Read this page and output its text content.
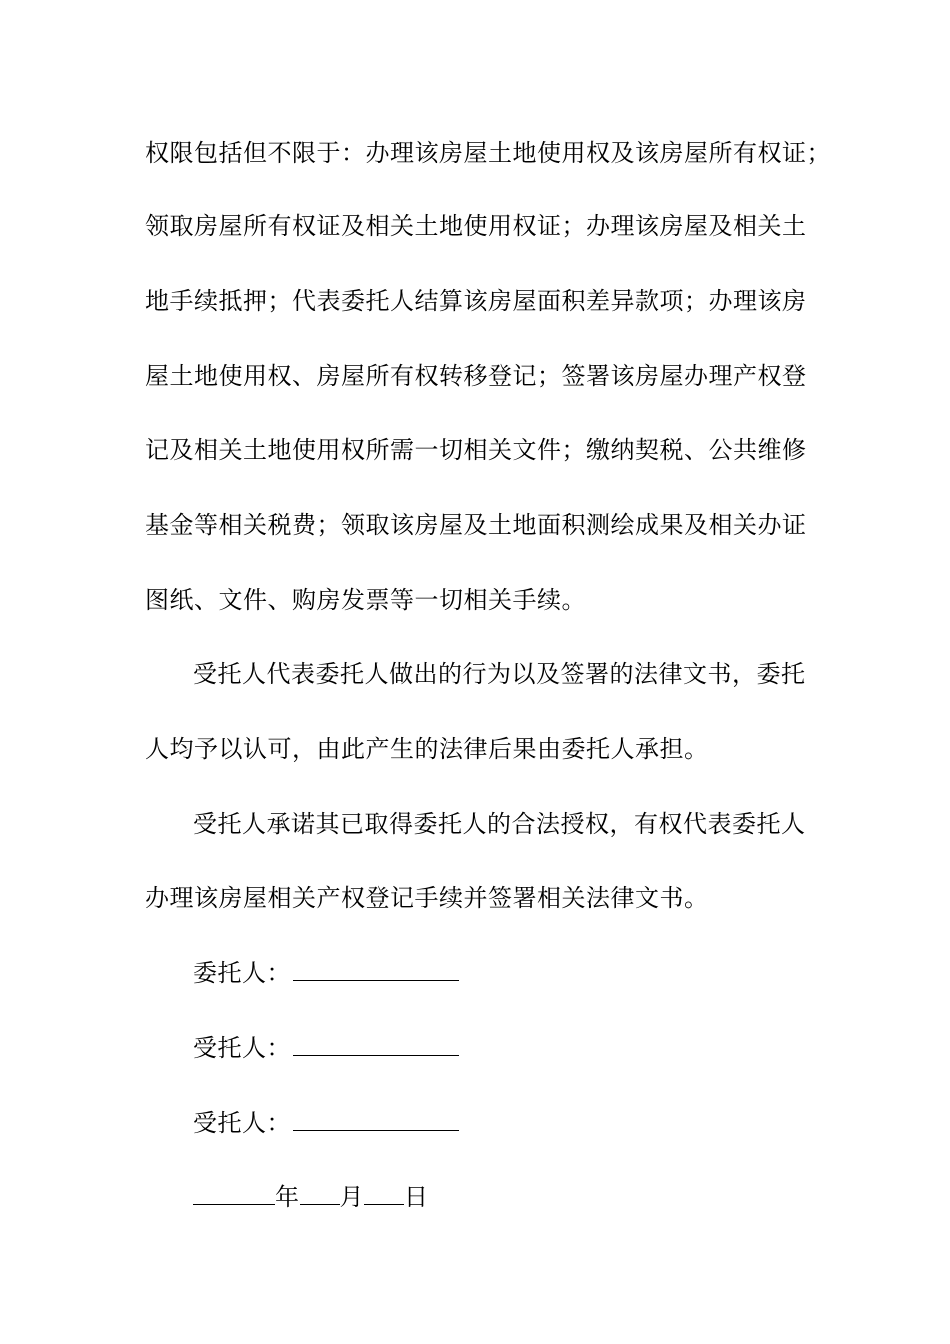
权限包括但不限于：办理该房屋土地使用权及该房屋所有权证；
领取房屋所有权证及相关土地使用权证；办理该房屋及相关土
地手续抵押；代表委托人结算该房屋面积差异款项；办理该房
屋土地使用权、房屋所有权转移登记；签署该房屋办理产权登
记及相关土地使用权所需一切相关文件；缴纳契税、公共维修
基金等相关税费；领取该房屋及土地面积测绘成果及相关办证
图纸、文件、购房发票等一切相关手续。
受托人代表委托人做出的行为以及签署的法律文书，委托
人均予以认可，由此产生的法律后果由委托人承担。
受托人承诺其已取得委托人的合法授权，有权代表委托人
办理该房屋相关产权登记手续并签署相关法律文书。
委托人：
受托人：
受托人：
年 月 日
